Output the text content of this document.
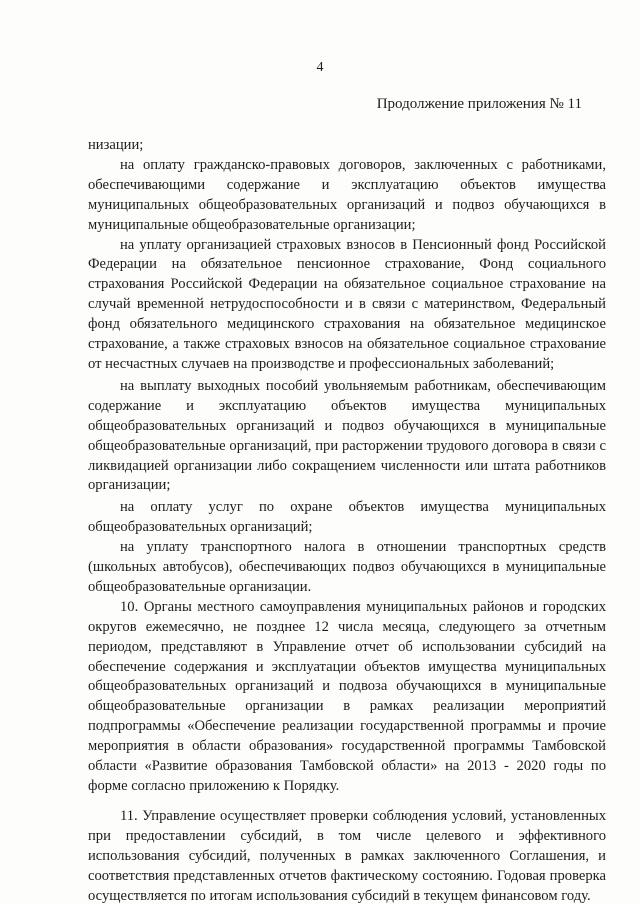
4
Продолжение приложения № 11

низации;

на оплату гражданско-правовых договоров, заключенных с работниками, обеспечивающими содержание и эксплуатацию объектов имущества муниципальных общеобразовательных организаций и подвоз обучающихся в муниципальные общеобразовательные организации;

на уплату организацией страховых взносов в Пенсионный фонд Российской Федерации на обязательное пенсионное страхование, Фонд социального страхования Российской Федерации на обязательное социальное страхование на случай временной нетрудоспособности и в связи с материнством, Федеральный фонд обязательного медицинского страхования на обязательное медицинское страхование, а также страховых взносов на обязательное социальное страхование от несчастных случаев на производстве и профессиональных заболеваний;

на выплату выходных пособий увольняемым работникам, обеспечивающим содержание и эксплуатацию объектов имущества муниципальных общеобразовательных организаций и подвоз обучающихся в муниципальные общеобразовательные организаций, при расторжении трудового договора в связи с ликвидацией организации либо сокращением численности или штата работников организации;

на оплату услуг по охране объектов имущества муниципальных общеобразовательных организаций;

на уплату транспортного налога в отношении транспортных средств (школьных автобусов), обеспечивающих подвоз обучающихся в муниципальные общеобразовательные организации.

10. Органы местного самоуправления муниципальных районов и городских округов ежемесячно, не позднее 12 числа месяца, следующего за отчетным периодом, представляют в Управление отчет об использовании субсидий на обеспечение содержания и эксплуатации объектов имущества муниципальных общеобразовательных организаций и подвоза обучающихся в муниципальные общеобразовательные организации в рамках реализации мероприятий подпрограммы «Обеспечение реализации государственной программы и прочие мероприятия в области образования» государственной программы Тамбовской области «Развитие образования Тамбовской области» на 2013 - 2020 годы по форме согласно приложению к Порядку.

11. Управление осуществляет проверки соблюдения условий, установленных при предоставлении субсидий, в том числе целевого и эффективного использования субсидий, полученных в рамках заключенного Соглашения, и соответствия представленных отчетов фактическому состоянию. Годовая проверка осуществляется по итогам использования субсидий в текущем финансовом году.
